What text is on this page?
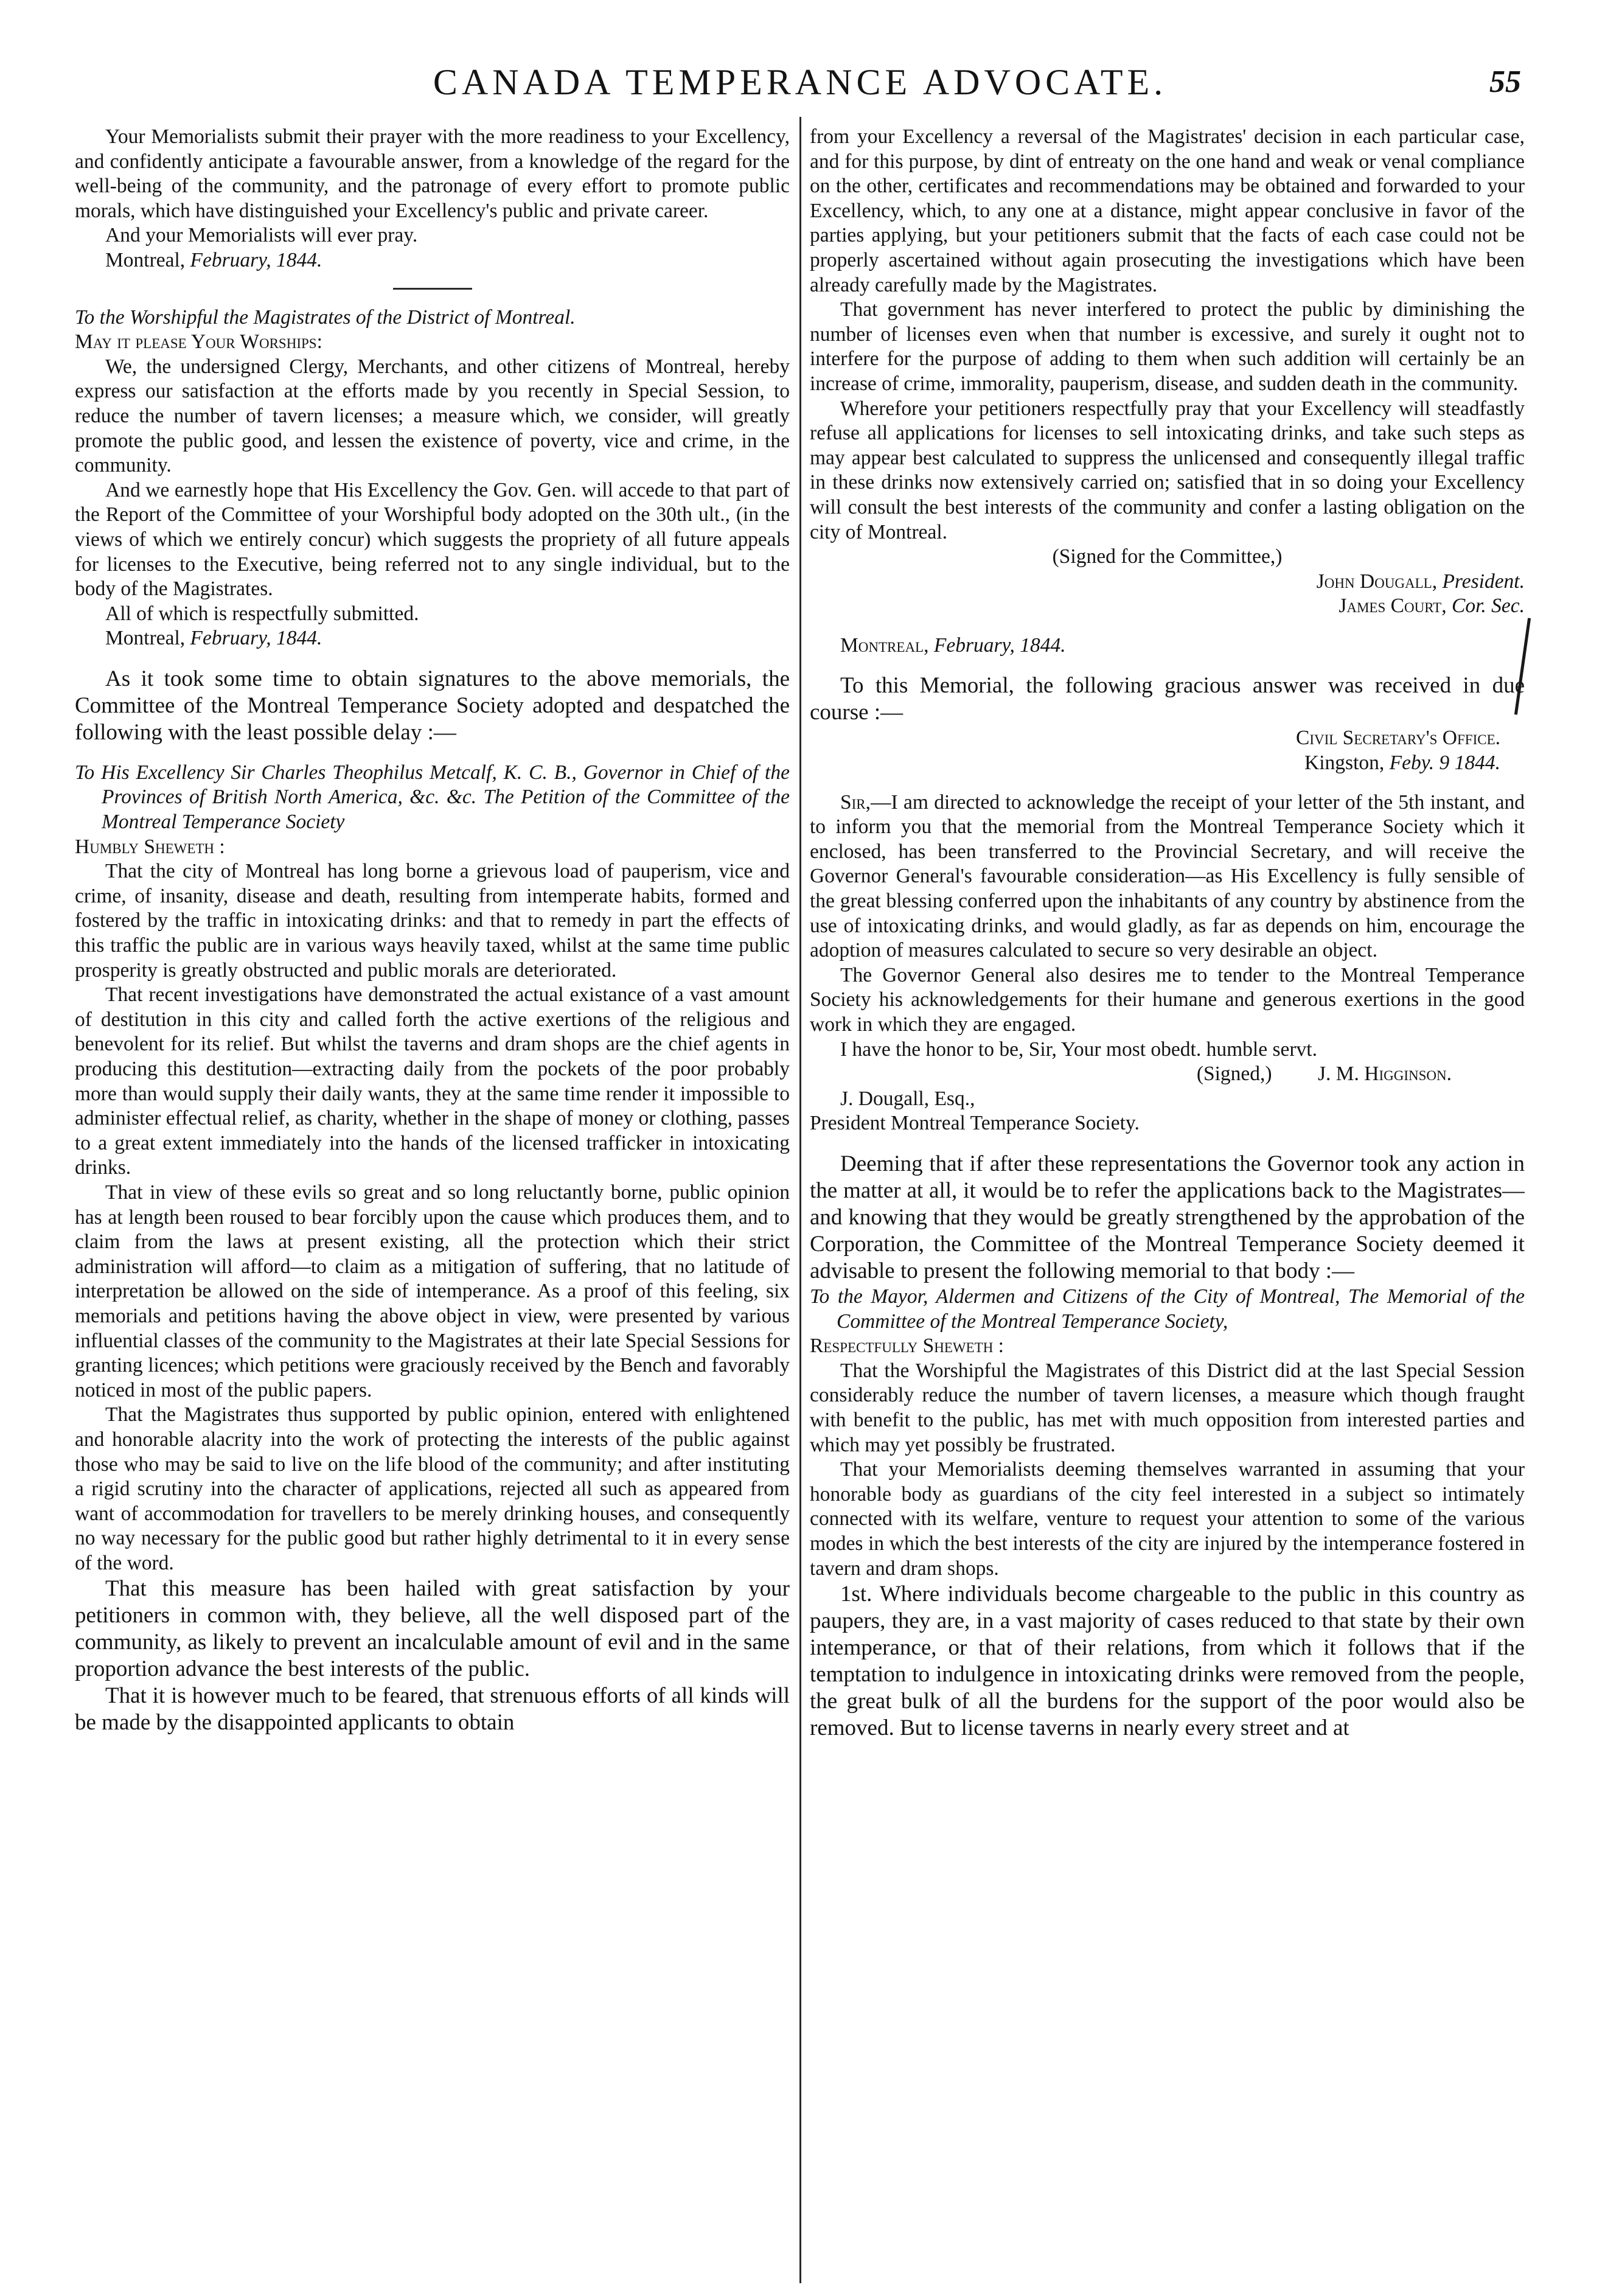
CANADA TEMPERANCE ADVOCATE.	55

Your Memorialists submit their prayer with the more readiness to your Excellency, and confidently anticipate a favourable answer, from a knowledge of the regard for the well-being of the community, and the patronage of every effort to promote public morals, which have distinguished your Excellency's public and private career.

And your Memorialists will ever pray.

Montreal, February, 1844.

To the Worshipful the Magistrates of the District of Montreal.

May it please Your Worships:

We, the undersigned Clergy, Merchants, and other citizens of Montreal, hereby express our satisfaction at the efforts made by you recently in Special Session, to reduce the number of tavern licenses; a measure which, we consider, will greatly promote the public good, and lessen the existence of poverty, vice and crime, in the community.

And we earnestly hope that His Excellency the Gov. Gen. will accede to that part of the Report of the Committee of your Worshipful body adopted on the 30th ult., (in the views of which we entirely concur) which suggests the propriety of all future appeals for licenses to the Executive, being referred not to any single individual, but to the body of the Magistrates.

All of which is respectfully submitted.

Montreal, February, 1844.

As it took some time to obtain signatures to the above memorials, the Committee of the Montreal Temperance Society adopted and despatched the following with the least possible delay :—

To His Excellency Sir Charles Theophilus Metcalf, K. C. B., Governor in Chief of the Provinces of British North America, &c. &c. The Petition of the Committee of the Montreal Temperance Society

Humbly Sheweth :

That the city of Montreal has long borne a grievous load of pauperism, vice and crime, of insanity, disease and death, resulting from intemperate habits, formed and fostered by the traffic in intoxicating drinks: and that to remedy in part the effects of this traffic the public are in various ways heavily taxed, whilst at the same time public prosperity is greatly obstructed and public morals are deteriorated.

That recent investigations have demonstrated the actual existance of a vast amount of destitution in this city and called forth the active exertions of the religious and benevolent for its relief. But whilst the taverns and dram shops are the chief agents in producing this destitution—extracting daily from the pockets of the poor probably more than would supply their daily wants, they at the same time render it impossible to administer effectual relief, as charity, whether in the shape of money or clothing, passes to a great extent immediately into the hands of the licensed trafficker in intoxicating drinks.

That in view of these evils so great and so long reluctantly borne, public opinion has at length been roused to bear forcibly upon the cause which produces them, and to claim from the laws at present existing, all the protection which their strict administration will afford—to claim as a mitigation of suffering, that no latitude of interpretation be allowed on the side of intemperance. As a proof of this feeling, six memorials and petitions having the above object in view, were presented by various influential classes of the community to the Magistrates at their late Special Sessions for granting licences; which petitions were graciously received by the Bench and favorably noticed in most of the public papers.

That the Magistrates thus supported by public opinion, entered with enlightened and honorable alacrity into the work of protecting the interests of the public against those who may be said to live on the life blood of the community; and after instituting a rigid scrutiny into the character of applications, rejected all such as appeared from want of accommodation for travellers to be merely drinking houses, and consequently no way necessary for the public good but rather highly detrimental to it in every sense of the word.

That this measure has been hailed with great satisfaction by your petitioners in common with, they believe, all the well disposed part of the community, as likely to prevent an incalculable amount of evil and in the same proportion advance the best interests of the public.

That it is however much to be feared, that strenuous efforts of all kinds will be made by the disappointed applicants to obtain

from your Excellency a reversal of the Magistrates' decision in each particular case, and for this purpose, by dint of entreaty on the one hand and weak or venal compliance on the other, certificates and recommendations may be obtained and forwarded to your Excellency, which, to any one at a distance, might appear conclusive in favor of the parties applying, but your petitioners submit that the facts of each case could not be properly ascertained without again prosecuting the investigations which have been already carefully made by the Magistrates.

That government has never interfered to protect the public by diminishing the number of licenses even when that number is excessive, and surely it ought not to interfere for the purpose of adding to them when such addition will certainly be an increase of crime, immorality, pauperism, disease, and sudden death in the community.

Wherefore your petitioners respectfully pray that your Excellency will steadfastly refuse all applications for licenses to sell intoxicating drinks, and take such steps as may appear best calculated to suppress the unlicensed and consequently illegal traffic in these drinks now extensively carried on; satisfied that in so doing your Excellency will consult the best interests of the community and confer a lasting obligation on the city of Montreal.

(Signed for the Committee,)

John Dougall, President.

James Court, Cor. Sec.

Montreal, February, 1844.

To this Memorial, the following gracious answer was received in due course :—

Civil Secretary's Office.

Kingston, Feby. 9 1844.

Sir,—I am directed to acknowledge the receipt of your letter of the 5th instant, and to inform you that the memorial from the Montreal Temperance Society which it enclosed, has been transferred to the Provincial Secretary, and will receive the Governor General's favourable consideration—as His Excellency is fully sensible of the great blessing conferred upon the inhabitants of any country by abstinence from the use of intoxicating drinks, and would gladly, as far as depends on him, encourage the adoption of measures calculated to secure so very desirable an object.

The Governor General also desires me to tender to the Montreal Temperance Society his acknowledgements for their humane and generous exertions in the good work in which they are engaged.

I have the honor to be, Sir, Your most obedt. humble servt.

(Signed,) J. M. Higginson.

J. Dougall, Esq.,

President Montreal Temperance Society.

Deeming that if after these representations the Governor took any action in the matter at all, it would be to refer the applications back to the Magistrates—and knowing that they would be greatly strengthened by the approbation of the Corporation, the Committee of the Montreal Temperance Society deemed it advisable to present the following memorial to that body :—

To the Mayor, Aldermen and Citizens of the City of Montreal, The Memorial of the Committee of the Montreal Temperance Society,

Respectfully Sheweth :

That the Worshipful the Magistrates of this District did at the last Special Session considerably reduce the number of tavern licenses, a measure which though fraught with benefit to the public, has met with much opposition from interested parties and which may yet possibly be frustrated.

That your Memorialists deeming themselves warranted in assuming that your honorable body as guardians of the city feel interested in a subject so intimately connected with its welfare, venture to request your attention to some of the various modes in which the best interests of the city are injured by the intemperance fostered in tavern and dram shops.

1st. Where individuals become chargeable to the public in this country as paupers, they are, in a vast majority of cases reduced to that state by their own intemperance, or that of their relations, from which it follows that if the temptation to indulgence in intoxicating drinks were removed from the people, the great bulk of all the burdens for the support of the poor would also be removed. But to license taverns in nearly every street and at
